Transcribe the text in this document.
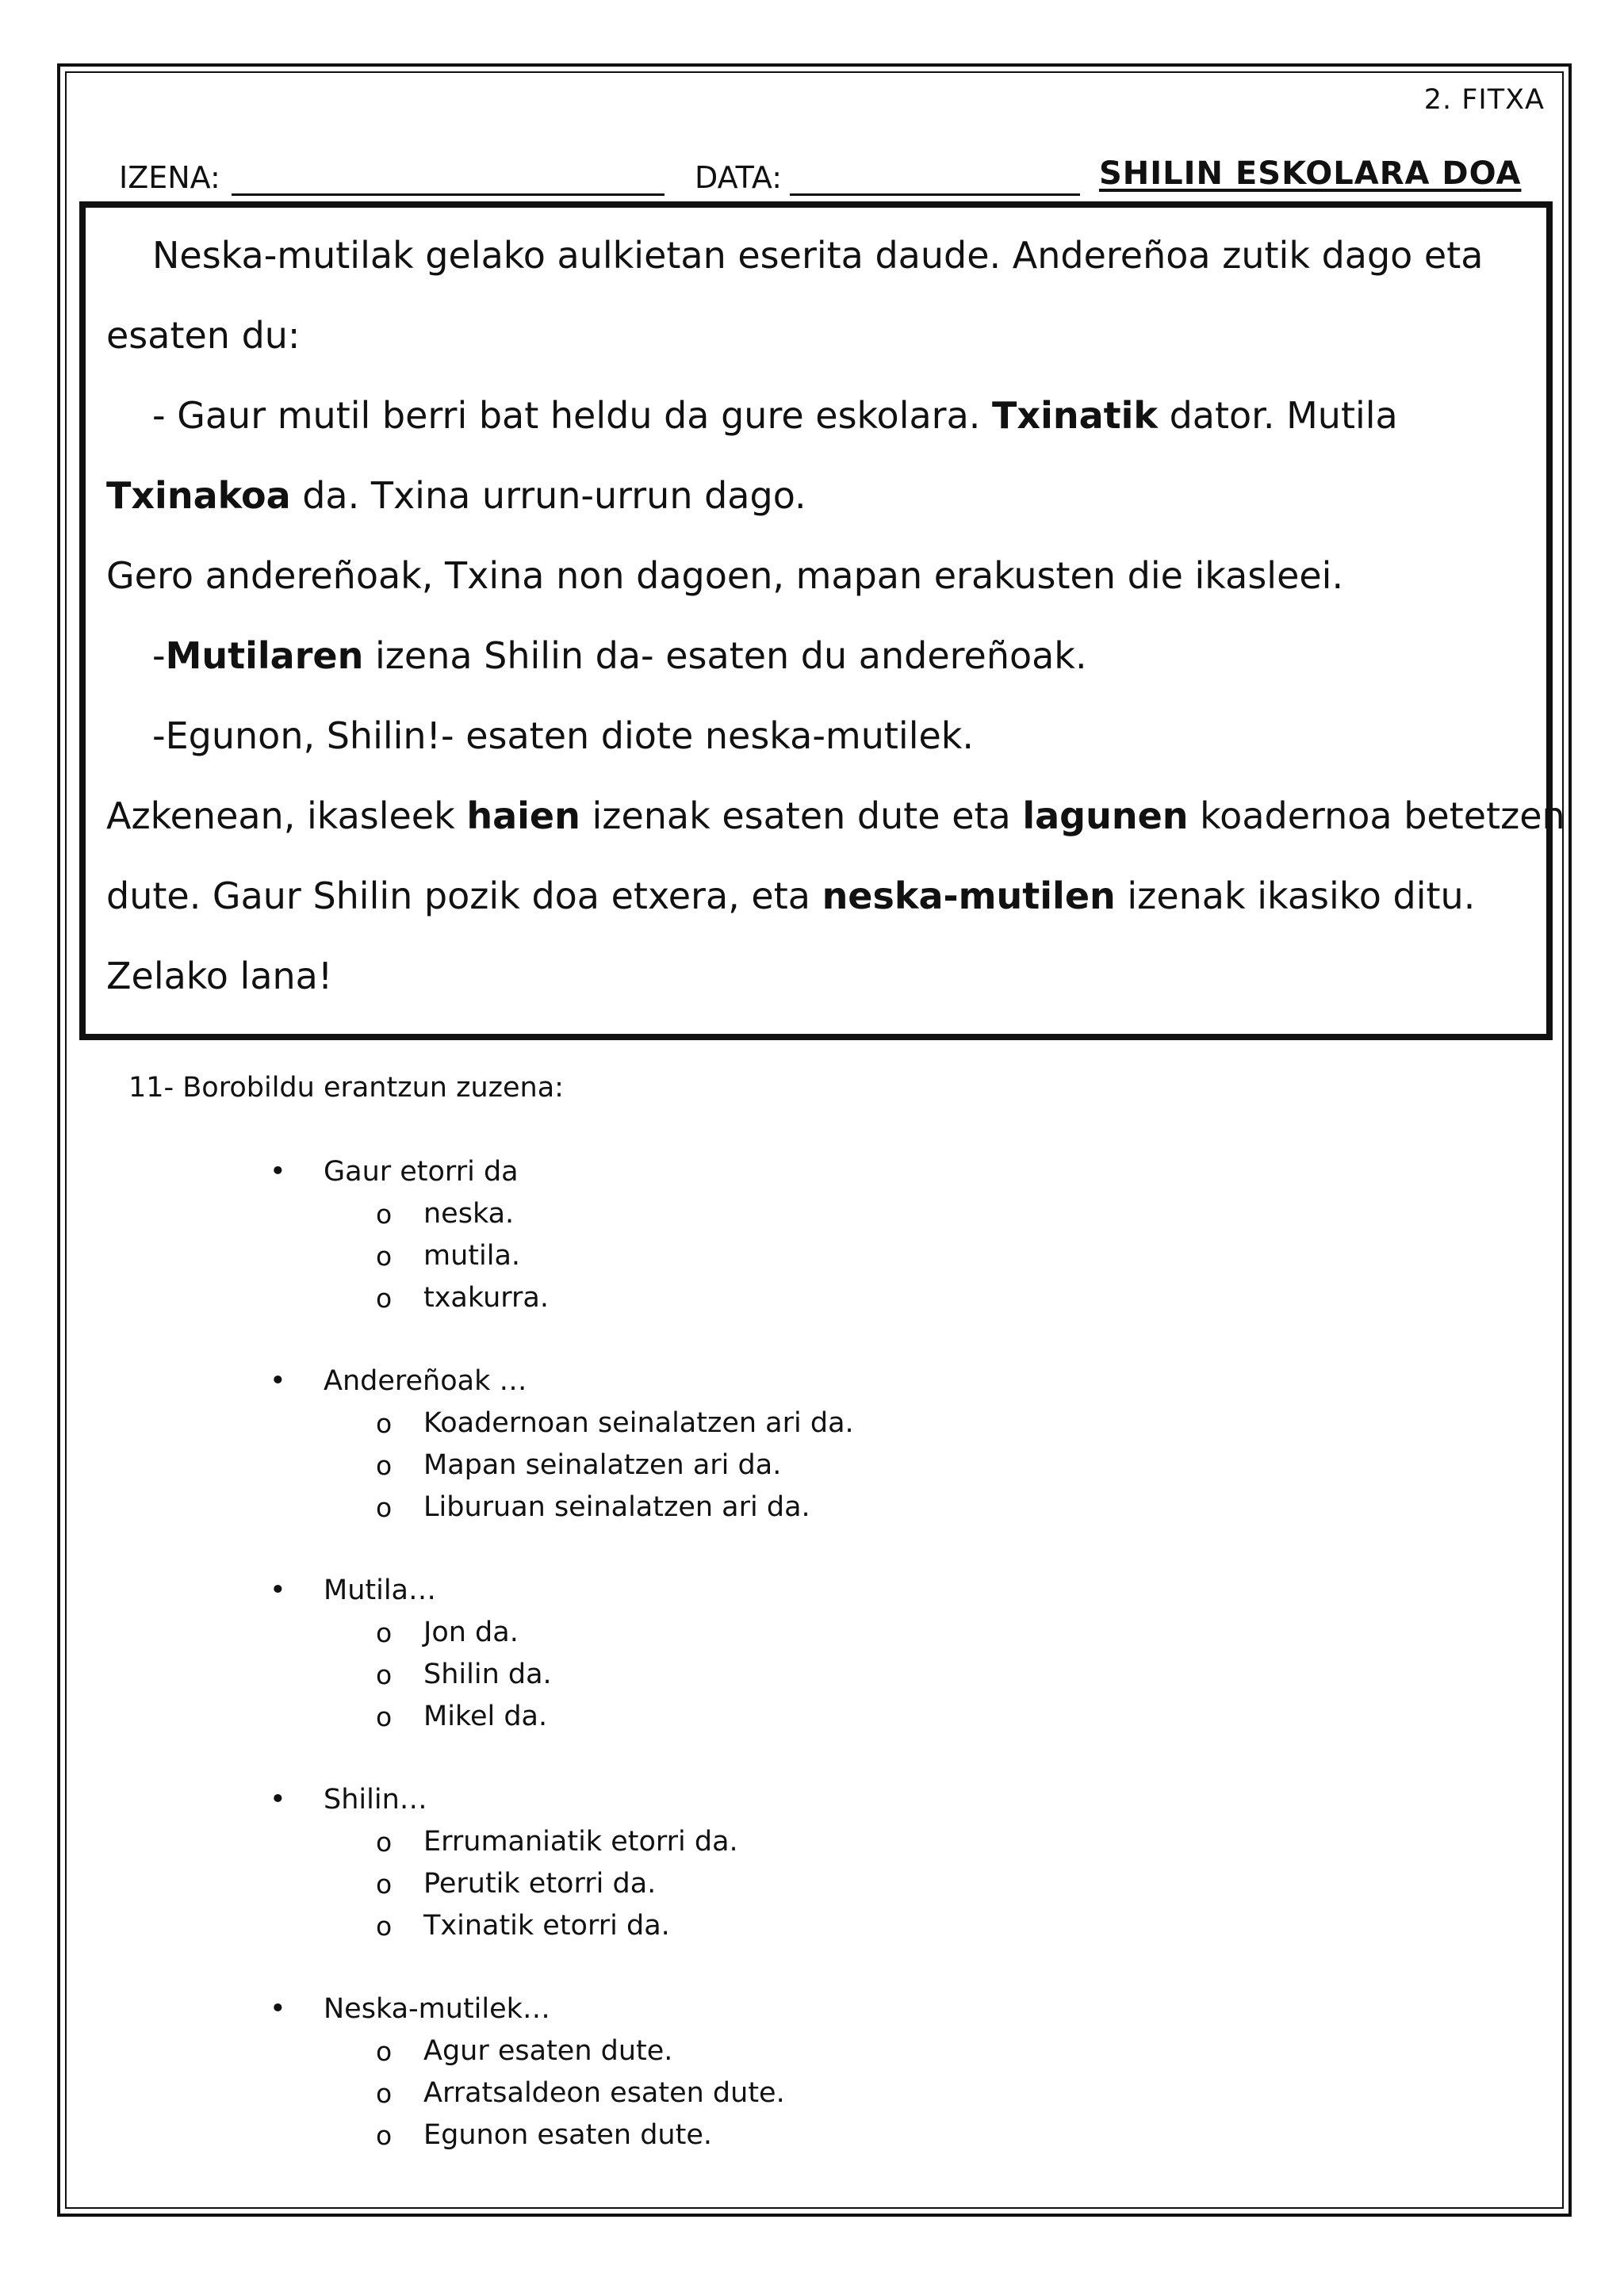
2. FITXA
IZENA:	DATA:	SHILIN ESKOLARA DOA

Neska-mutilak gelako aulkietan eserita daude. Andereñoa zutik dago eta

esaten du:

- Gaur mutil berri bat heldu da gure eskolara. Txinatik dator. Mutila

Txinakoa da. Txina urrun-urrun dago.

Gero andereñoak, Txina non dagoen, mapan erakusten die ikasleei.

-Mutilaren izena Shilin da- esaten du andereñoak.

-Egunon, Shilin!- esaten diote neska-mutilek.

Azkenean, ikasleek haien izenak esaten dute eta lagunen koadernoa betetzen

dute. Gaur Shilin pozik doa etxera, eta neska-mutilen izenak ikasiko ditu.

Zelako lana!

11- Borobildu erantzun zuzena:
• Gaur etorri da
o neska.
o mutila.
o txakurra.
• Andereñoak …
o Koadernoan seinalatzen ari da.
o Mapan seinalatzen ari da.
o Liburuan seinalatzen ari da.
• Mutila…
o Jon da.
o Shilin da.
o Mikel da.
• Shilin…
o Errumaniatik etorri da.
o Perutik etorri da.
o Txinatik etorri da.
• Neska-mutilek…
o Agur esaten dute.
o Arratsaldeon esaten dute.
o Egunon esaten dute.
